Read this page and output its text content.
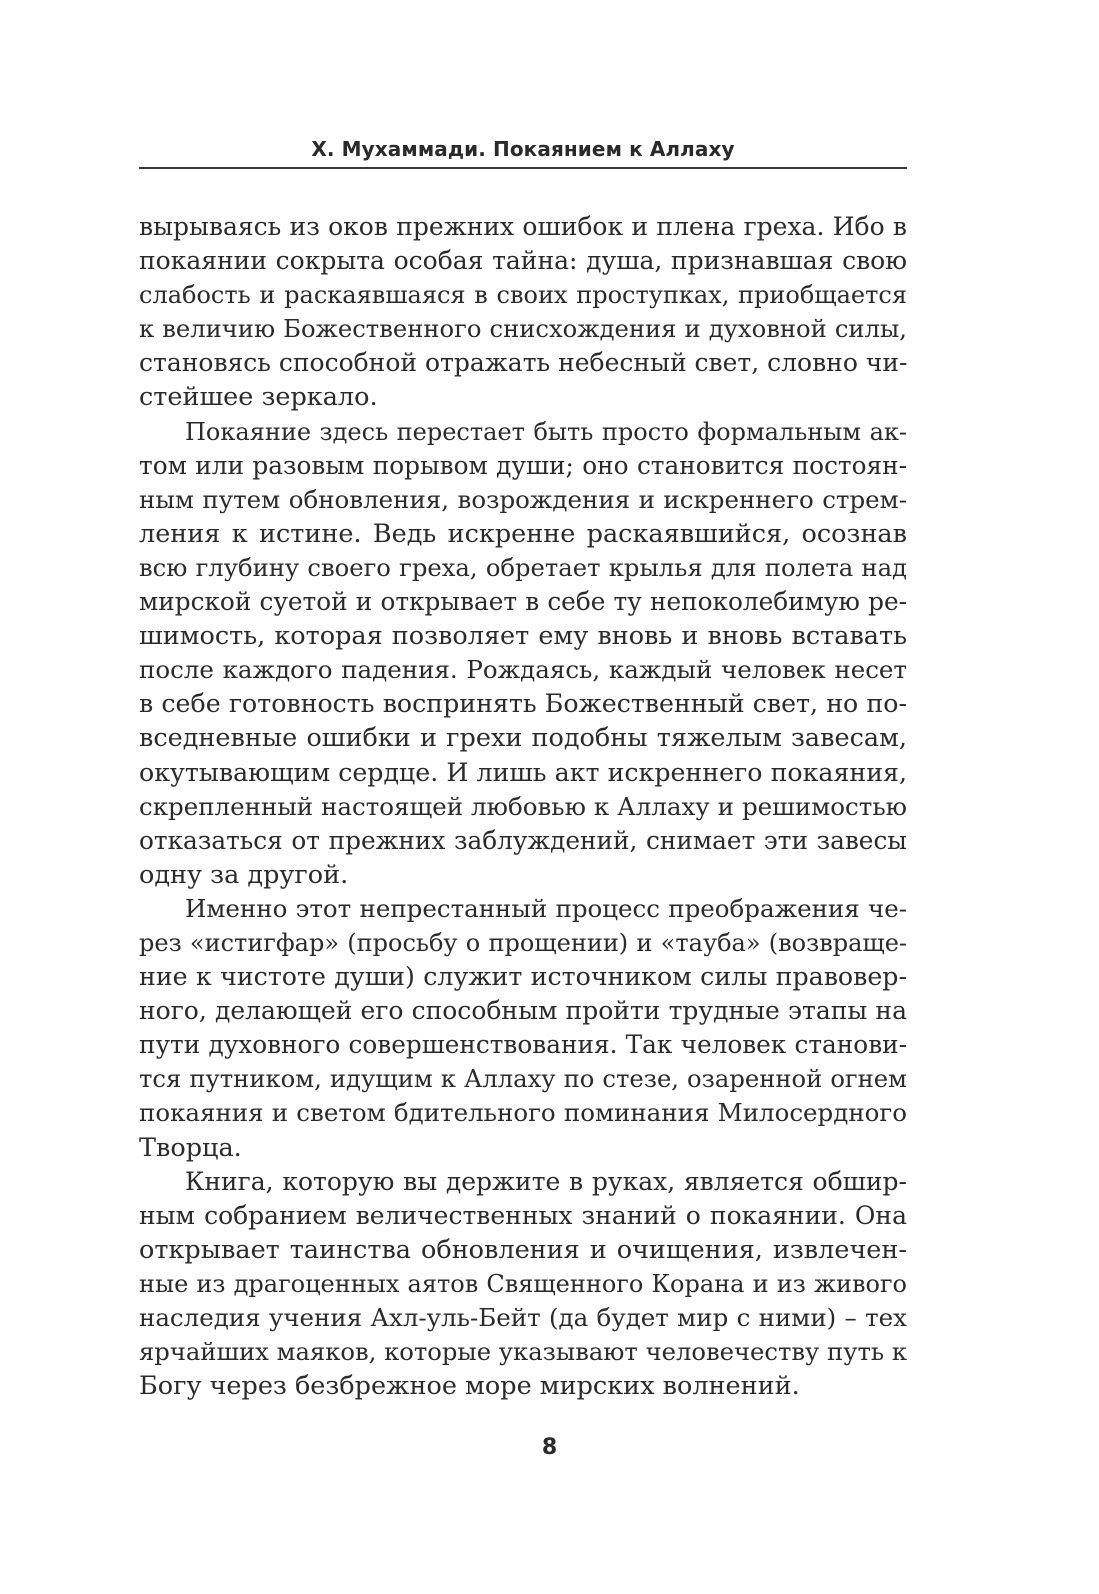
Х. Мухаммади. Покаянием к Аллаху
вырываясь из оков прежних ошибок и плена греха. Ибо в
покаянии сокрыта особая тайна: душа, признавшая свою
слабость и раскаявшаяся в своих проступках, приобщается
к величию Божественного снисхождения и духовной силы,
становясь способной отражать небесный свет, словно чи-
стейшее зеркало.
Покаяние здесь перестает быть просто формальным ак-
том или разовым порывом души; оно становится постоян-
ным путем обновления, возрождения и искреннего стрем-
ления к истине. Ведь искренне раскаявшийся, осознав
всю глубину своего греха, обретает крылья для полета над
мирской суетой и открывает в себе ту непоколебимую ре-
шимость, которая позволяет ему вновь и вновь вставать
после каждого падения. Рождаясь, каждый человек несет
в себе готовность воспринять Божественный свет, но по-
вседневные ошибки и грехи подобны тяжелым завесам,
окутывающим сердце. И лишь акт искреннего покаяния,
скрепленный настоящей любовью к Аллаху и решимостью
отказаться от прежних заблуждений, снимает эти завесы
одну за другой.
Именно этот непрестанный процесс преображения че-
рез «истигфар» (просьбу о прощении) и «тауба» (возвраще-
ние к чистоте души) служит источником силы правовер-
ного, делающей его способным пройти трудные этапы на
пути духовного совершенствования. Так человек станови-
тся путником, идущим к Аллаху по стезе, озаренной огнем
покаяния и светом бдительного поминания Милосердного
Творца.
Книга, которую вы держите в руках, является обшир-
ным собранием величественных знаний о покаянии. Она
открывает таинства обновления и очищения, извлечен-
ные из драгоценных аятов Священного Корана и из живого
наследия учения Ахл-уль-Бейт (да будет мир с ними) – тех
ярчайших маяков, которые указывают человечеству путь к
Богу через безбрежное море мирских волнений.
8
